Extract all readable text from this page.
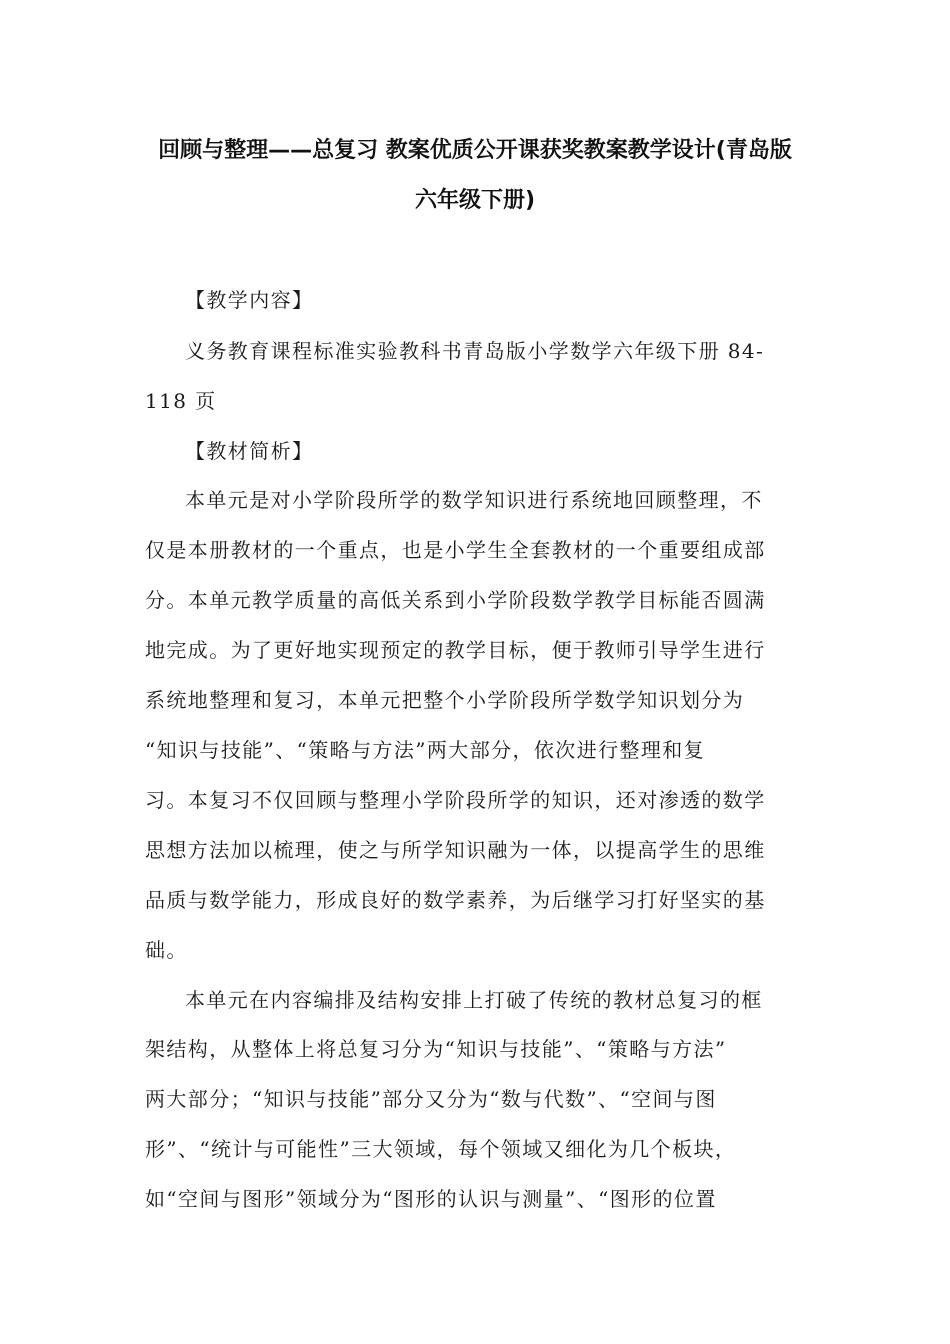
回顾与整理——总复习 教案优质公开课获奖教案教学设计(青岛版
六年级下册)
【教学内容】
义务教育课程标准实验教科书青岛版小学数学六年级下册 84-
118 页
【教材简析】
本单元是对小学阶段所学的数学知识进行系统地回顾整理，不
仅是本册教材的一个重点，也是小学生全套教材的一个重要组成部
分。本单元教学质量的高低关系到小学阶段数学教学目标能否圆满
地完成。为了更好地实现预定的教学目标，便于教师引导学生进行
系统地整理和复习，本单元把整个小学阶段所学数学知识划分为
“知识与技能”、“策略与方法”两大部分，依次进行整理和复
习。本复习不仅回顾与整理小学阶段所学的知识，还对渗透的数学
思想方法加以梳理，使之与所学知识融为一体，以提高学生的思维
品质与数学能力，形成良好的数学素养，为后继学习打好坚实的基
础。
本单元在内容编排及结构安排上打破了传统的教材总复习的框
架结构，从整体上将总复习分为“知识与技能”、“策略与方法”
两大部分；“知识与技能”部分又分为“数与代数”、“空间与图
形”、“统计与可能性”三大领域，每个领域又细化为几个板块，
如“空间与图形”领域分为“图形的认识与测量”、“图形的位置
